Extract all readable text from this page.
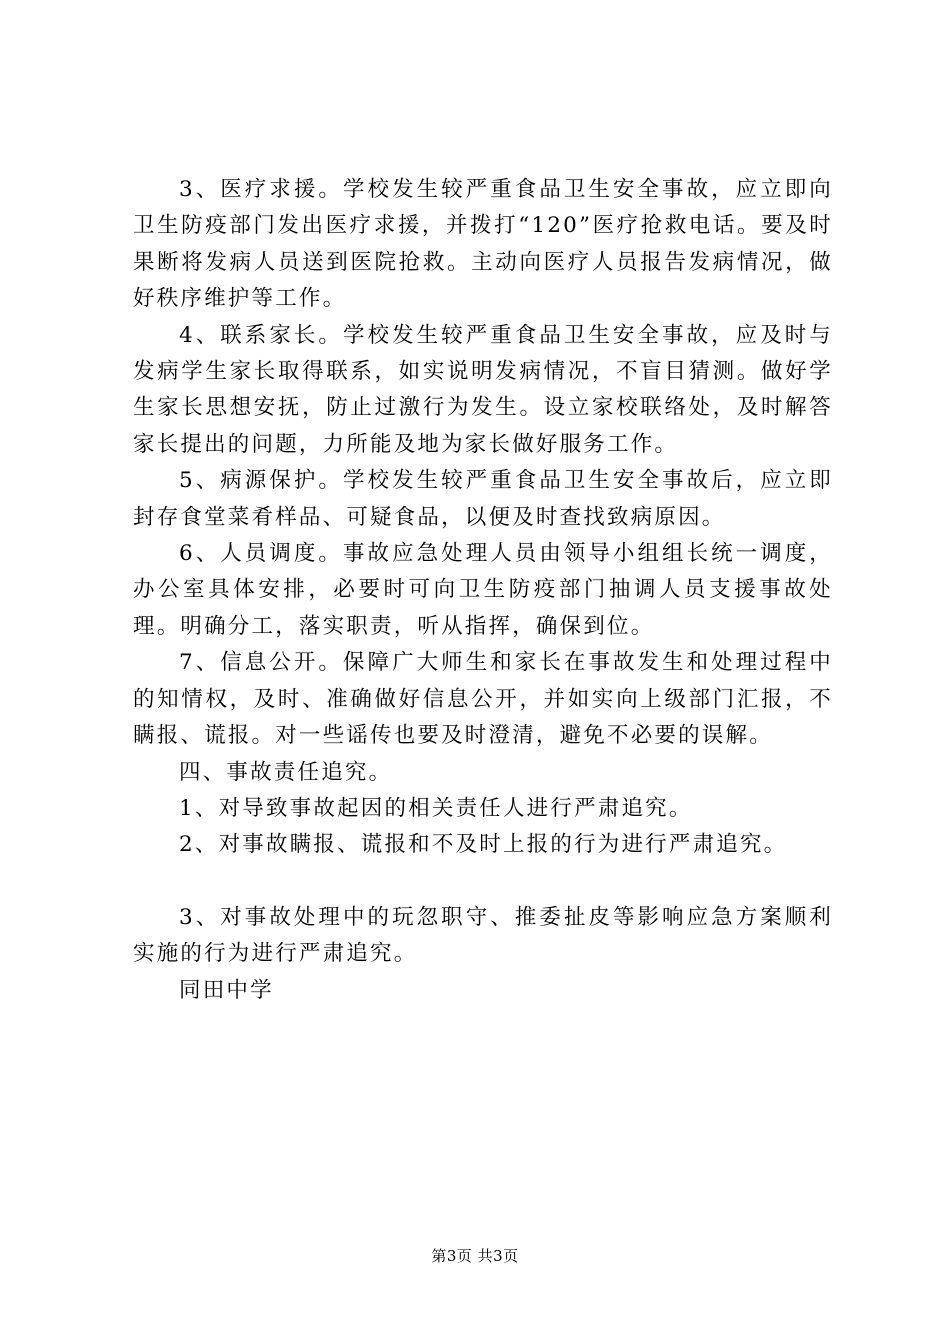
3、医疗求援。学校发生较严重食品卫生安全事故，应立即向卫生防疫部门发出医疗求援，并拨打“120”医疗抢救电话。要及时果断将发病人员送到医院抢救。主动向医疗人员报告发病情况，做好秩序维护等工作。

4、联系家长。学校发生较严重食品卫生安全事故，应及时与发病学生家长取得联系，如实说明发病情况，不盲目猜测。做好学生家长思想安抚，防止过激行为发生。设立家校联络处，及时解答家长提出的问题，力所能及地为家长做好服务工作。

5、病源保护。学校发生较严重食品卫生安全事故后，应立即封存食堂菜肴样品、可疑食品，以便及时查找致病原因。

6、人员调度。事故应急处理人员由领导小组组长统一调度，办公室具体安排，必要时可向卫生防疫部门抽调人员支援事故处理。明确分工，落实职责，听从指挥，确保到位。

7、信息公开。保障广大师生和家长在事故发生和处理过程中的知情权，及时、准确做好信息公开，并如实向上级部门汇报，不瞒报、谎报。对一些谣传也要及时澄清，避免不必要的误解。

四、事故责任追究。

1、对导致事故起因的相关责任人进行严肃追究。

2、对事故瞒报、谎报和不及时上报的行为进行严肃追究。

3、对事故处理中的玩忽职守、推委扯皮等影响应急方案顺利实施的行为进行严肃追究。

同田中学

第3页 共3页
